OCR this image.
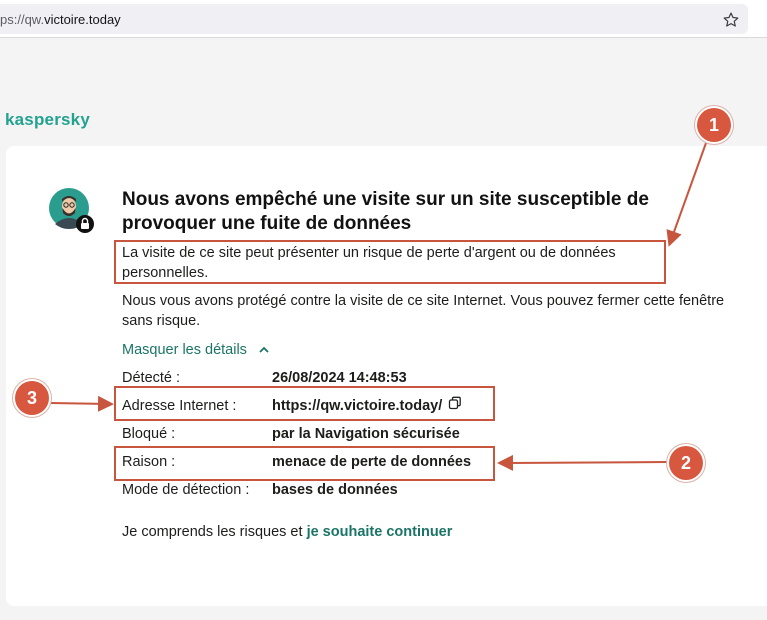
ps://qw.victoire.today
kaspersky
Nous avons empêché une visite sur un site susceptible de provoquer une fuite de données
La visite de ce site peut présenter un risque de perte d'argent ou de données personnelles.
Nous vous avons protégé contre la visite de ce site Internet. Vous pouvez fermer cette fenêtre sans risque.
Masquer les détails
Détecté :	26/08/2024 14:48:53
Adresse Internet : https://qw.victoire.today/
Bloqué :	par la Navigation sécurisée
Raison :	menace de perte de données
Mode de détection : bases de données
Je comprends les risques et je souhaite continuer
1
2
3
